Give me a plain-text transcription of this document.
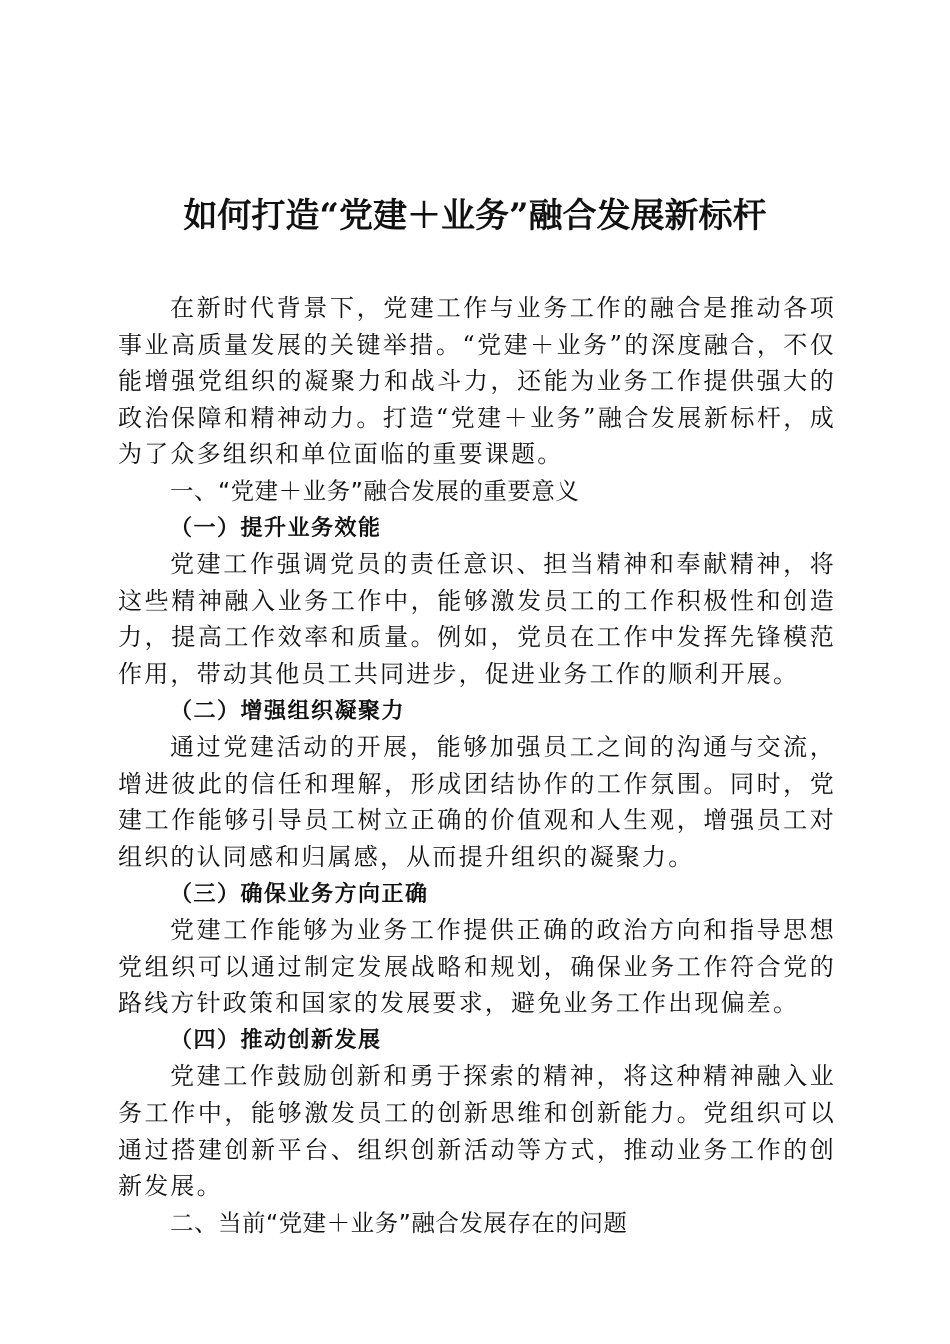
如何打造“党建＋业务”融合发展新标杆

在新时代背景下，党建工作与业务工作的融合是推动各项事业高质量发展的关键举措。“党建＋业务”的深度融合，不仅能增强党组织的凝聚力和战斗力，还能为业务工作提供强大的政治保障和精神动力。打造“党建＋业务”融合发展新标杆，成为了众多组织和单位面临的重要课题。

一、“党建＋业务”融合发展的重要意义

（一）提升业务效能

党建工作强调党员的责任意识、担当精神和奉献精神，将这些精神融入业务工作中，能够激发员工的工作积极性和创造力，提高工作效率和质量。例如，党员在工作中发挥先锋模范作用，带动其他员工共同进步，促进业务工作的顺利开展。

（二）增强组织凝聚力

通过党建活动的开展，能够加强员工之间的沟通与交流，增进彼此的信任和理解，形成团结协作的工作氛围。同时，党建工作能够引导员工树立正确的价值观和人生观，增强员工对组织的认同感和归属感，从而提升组织的凝聚力。

（三）确保业务方向正确

党建工作能够为业务工作提供正确的政治方向和指导思想党组织可以通过制定发展战略和规划，确保业务工作符合党的路线方针政策和国家的发展要求，避免业务工作出现偏差。

（四）推动创新发展

党建工作鼓励创新和勇于探索的精神，将这种精神融入业务工作中，能够激发员工的创新思维和创新能力。党组织可以通过搭建创新平台、组织创新活动等方式，推动业务工作的创新发展。

二、当前“党建＋业务”融合发展存在的问题
